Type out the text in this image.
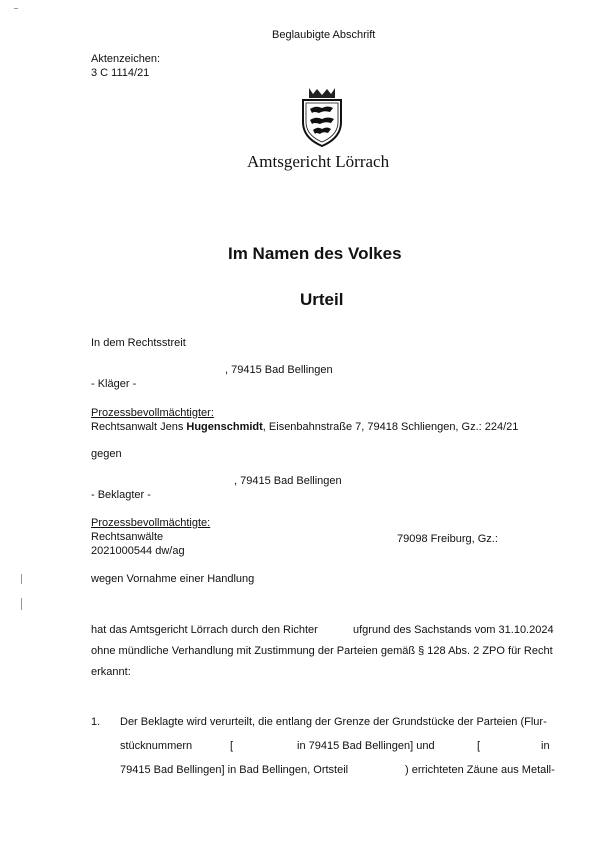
Beglaubigte Abschrift
Aktenzeichen:
3 C 1114/21
Amtsgericht Lörrach
Im Namen des Volkes
Urteil
In dem Rechtsstreit
, 79415 Bad Bellingen
- Kläger -
Prozessbevollmächtigter:
Rechtsanwalt Jens Hugenschmidt, Eisenbahnstraße 7, 79418 Schliengen, Gz.: 224/21
gegen
, 79415 Bad Bellingen
- Beklagter -
Prozessbevollmächtigte:
Rechtsanwälte	79098 Freiburg, Gz.:
2021000544 dw/ag
wegen Vornahme einer Handlung
hat das Amtsgericht Lörrach durch den Richter	ufgrund des Sachstands vom 31.10.2024
ohne mündliche Verhandlung mit Zustimmung der Parteien gemäß § 128 Abs. 2 ZPO für Recht
erkannt:
1. Der Beklagte wird verurteilt, die entlang der Grenze der Grundstücke der Parteien (Flur-
stücknummern	[	in 79415 Bad Bellingen] und	[	in
79415 Bad Bellingen] in Bad Bellingen, Ortsteil	) errichteten Zäune aus Metall-
